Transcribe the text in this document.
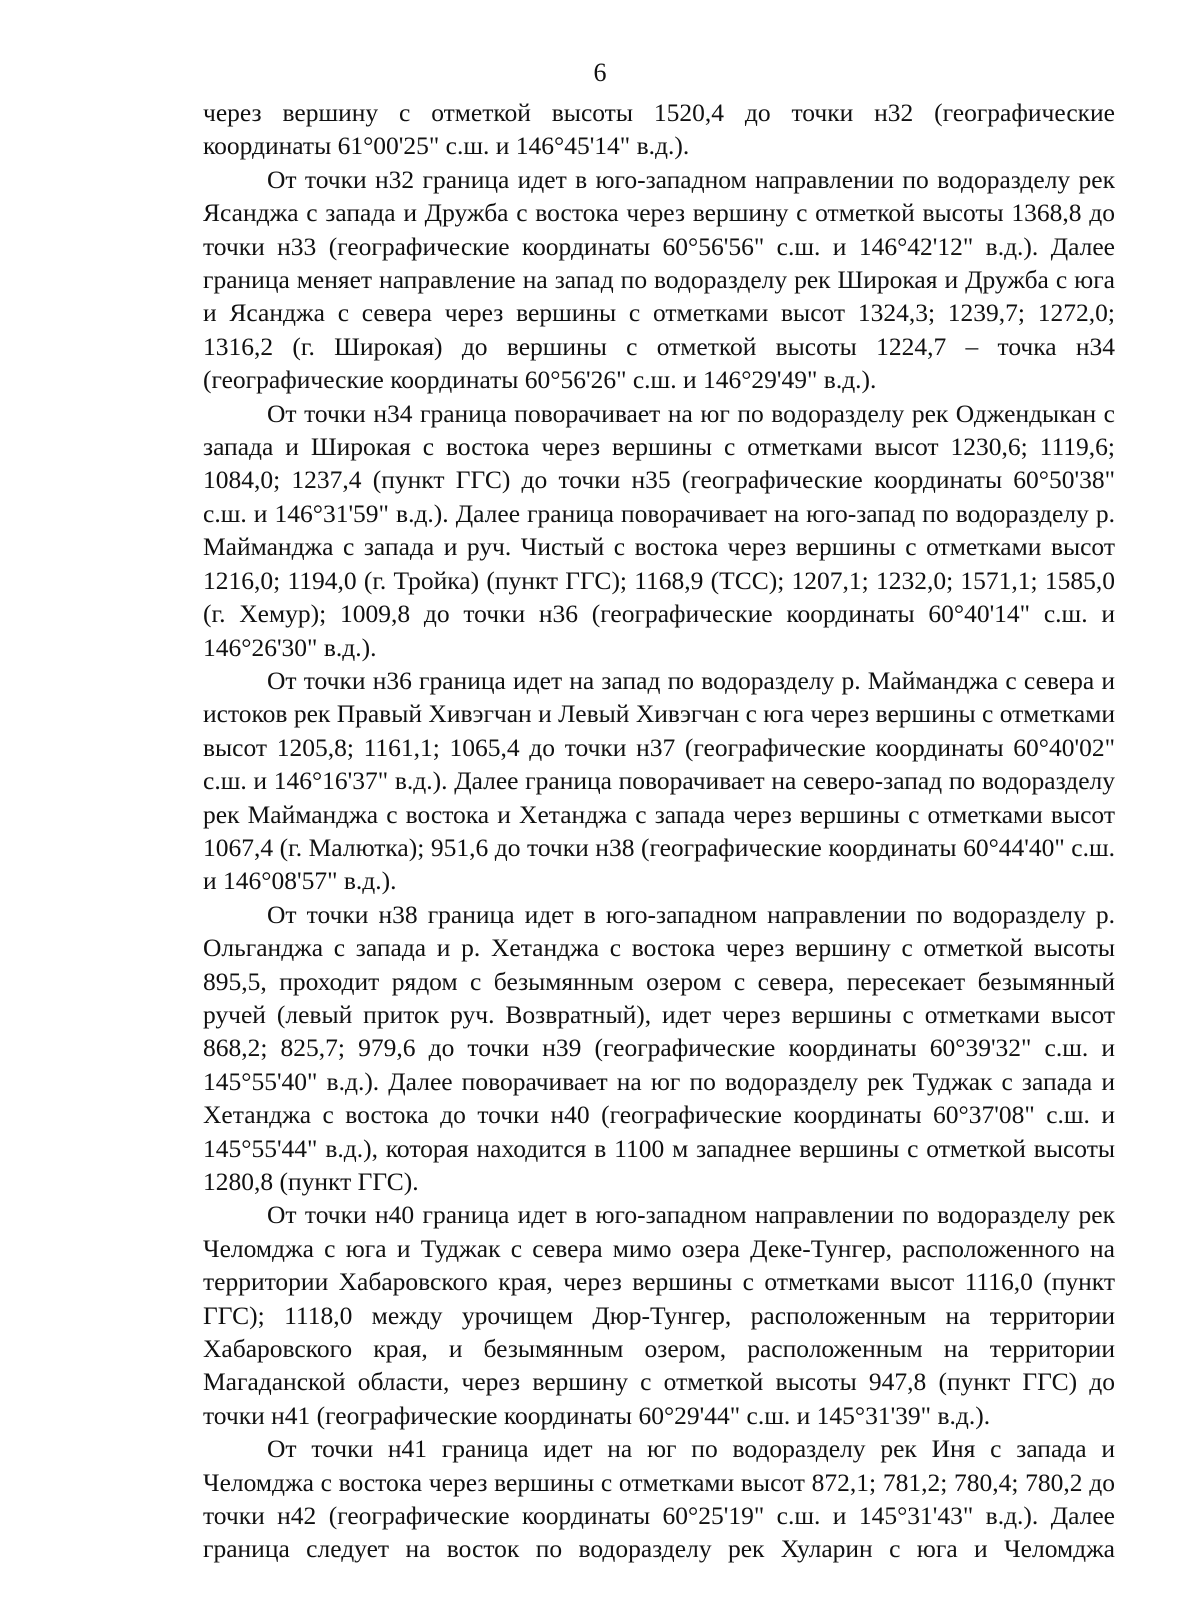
6

через вершину с отметкой высоты 1520,4 до точки н32 (географические координаты 61°00'25" с.ш. и 146°45'14" в.д.).

От точки н32 граница идет в юго-западном направлении по водоразделу рек Ясанджа с запада и Дружба с востока через вершину с отметкой высоты 1368,8 до точки н33 (географические координаты 60°56'56" с.ш. и 146°42'12" в.д.). Далее граница меняет направление на запад по водоразделу рек Широкая и Дружба с юга и Ясанджа с севера через вершины с отметками высот 1324,3; 1239,7; 1272,0; 1316,2 (г. Широкая) до вершины с отметкой высоты 1224,7 – точка н34 (географические координаты 60°56'26" с.ш. и 146°29'49" в.д.).

От точки н34 граница поворачивает на юг по водоразделу рек Оджендыкан с запада и Широкая с востока через вершины с отметками высот 1230,6; 1119,6; 1084,0; 1237,4 (пункт ГГС) до точки н35 (географические координаты 60°50'38" с.ш. и 146°31'59" в.д.). Далее граница поворачивает на юго-запад по водоразделу р. Майманджа с запада и руч. Чистый с востока через вершины с отметками высот 1216,0; 1194,0 (г. Тройка) (пункт ГГС); 1168,9 (ТСС); 1207,1; 1232,0; 1571,1; 1585,0 (г. Хемур); 1009,8 до точки н36 (географические координаты 60°40'14" с.ш. и 146°26'30" в.д.).

От точки н36 граница идет на запад по водоразделу р. Майманджа с севера и истоков рек Правый Хивэгчан и Левый Хивэгчан с юга через вершины с отметками высот 1205,8; 1161,1; 1065,4 до точки н37 (географические координаты 60°40'02" с.ш. и 146°16'37" в.д.). Далее граница поворачивает на северо-запад по водоразделу рек Майманджа с востока и Хетанджа с запада через вершины с отметками высот 1067,4 (г. Малютка); 951,6 до точки н38 (географические координаты 60°44'40" с.ш. и 146°08'57" в.д.).

От точки н38 граница идет в юго-западном направлении по водоразделу р. Ольганджа с запада и р. Хетанджа с востока через вершину с отметкой высоты 895,5, проходит рядом с безымянным озером с севера, пересекает безымянный ручей (левый приток руч. Возвратный), идет через вершины с отметками высот 868,2; 825,7; 979,6 до точки н39 (географические координаты 60°39'32" с.ш. и 145°55'40" в.д.). Далее поворачивает на юг по водоразделу рек Туджак с запада и Хетанджа с востока до точки н40 (географические координаты 60°37'08" с.ш. и 145°55'44" в.д.), которая находится в 1100 м западнее вершины с отметкой высоты 1280,8 (пункт ГГС).

От точки н40 граница идет в юго-западном направлении по водоразделу рек Челомджа с юга и Туджак с севера мимо озера Деке-Тунгер, расположенного на территории Хабаровского края, через вершины с отметками высот 1116,0 (пункт ГГС); 1118,0 между урочищем Дюр-Тунгер, расположенным на территории Хабаровского края, и безымянным озером, расположенным на территории Магаданской области, через вершину с отметкой высоты 947,8 (пункт ГГС) до точки н41 (географические координаты 60°29'44" с.ш. и 145°31'39" в.д.).

От точки н41 граница идет на юг по водоразделу рек Иня с запада и Челомджа с востока через вершины с отметками высот 872,1; 781,2; 780,4; 780,2 до точки н42 (географические координаты 60°25'19" с.ш. и 145°31'43" в.д.). Далее граница следует на восток по водоразделу рек Хуларин с юга и Челомджа
